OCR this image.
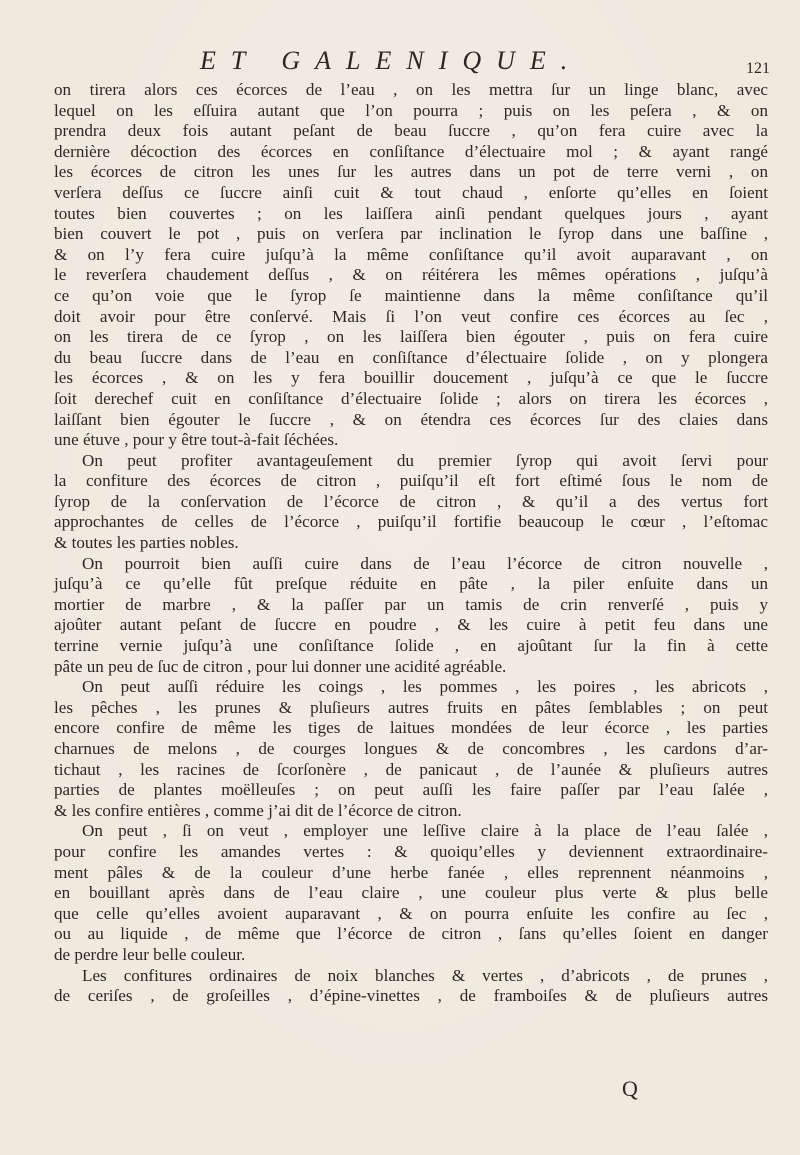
ET GALENIQUE.	121
on tirera alors ces écorces de l’eau , on les mettra ſur un linge blanc, avec
lequel on les eſſuira autant que l’on pourra ; puis on les peſera , & on
prendra deux fois autant peſant de beau ſuccre , qu’on fera cuire avec la
dernière décoction des écorces en conſiſtance d’électuaire mol ; & ayant rangé
les écorces de citron les unes ſur les autres dans un pot de terre verni , on
verſera deſſus ce ſuccre ainſi cuit & tout chaud , enſorte qu’elles en ſoient
toutes bien couvertes ; on les laiſſera ainſi pendant quelques jours , ayant
bien couvert le pot , puis on verſera par inclination le ſyrop dans une baſſine ,
& on l’y fera cuire juſqu’à la même conſiſtance qu’il avoit auparavant , on
le reverſera chaudement deſſus , & on réitérera les mêmes opérations , juſqu’à
ce qu’on voie que le ſyrop ſe maintienne dans la même conſiſtance qu’il
doit avoir pour être conſervé. Mais ſi l’on veut confire ces écorces au ſec ,
on les tirera de ce ſyrop , on les laiſſera bien égouter , puis on fera cuire
du beau ſuccre dans de l’eau en conſiſtance d’électuaire ſolide , on y plongera
les écorces , & on les y fera bouillir doucement , juſqu’à ce que le ſuccre
ſoit derechef cuit en conſiſtance d’électuaire ſolide ; alors on tirera les écorces ,
laiſſant bien égouter le ſuccre , & on étendra ces écorces ſur des claies dans
une étuve , pour y être tout-à-fait ſéchées.
On peut profiter avantageuſement du premier ſyrop qui avoit ſervi pour
la confiture des écorces de citron , puiſqu’il eſt fort eſtimé ſous le nom de
ſyrop de la conſervation de l’écorce de citron , & qu’il a des vertus fort
approchantes de celles de l’écorce , puiſqu’il fortifie beaucoup le cœur , l’eſtomac
& toutes les parties nobles.
On pourroit bien auſſi cuire dans de l’eau l’écorce de citron nouvelle ,
juſqu’à ce qu’elle fût preſque réduite en pâte , la piler enſuite dans un
mortier de marbre , & la paſſer par un tamis de crin renverſé , puis y
ajoûter autant peſant de ſuccre en poudre , & les cuire à petit feu dans une
terrine vernie juſqu’à une conſiſtance ſolide , en ajoûtant ſur la fin à cette
pâte un peu de ſuc de citron , pour lui donner une acidité agréable.
On peut auſſi réduire les coings , les pommes , les poires , les abricots ,
les pêches , les prunes & pluſieurs autres fruits en pâtes ſemblables ; on peut
encore confire de même les tiges de laitues mondées de leur écorce , les parties
charnues de melons , de courges longues & de concombres , les cardons d’ar-
tichaut , les racines de ſcorſonère , de panicaut , de l’aunée & pluſieurs autres
parties de plantes moëlleuſes ; on peut auſſi les faire paſſer par l’eau ſalée ,
& les confire entières , comme j’ai dit de l’écorce de citron.
On peut , ſi on veut , employer une leſſive claire à la place de l’eau ſalée ,
pour confire les amandes vertes : & quoiqu’elles y deviennent extraordinaire-
ment pâles & de la couleur d’une herbe fanée , elles reprennent néanmoins ,
en bouillant après dans de l’eau claire , une couleur plus verte & plus belle
que celle qu’elles avoient auparavant , & on pourra enſuite les confire au ſec ,
ou au liquide , de même que l’écorce de citron , ſans qu’elles ſoient en danger
de perdre leur belle couleur.
Les confitures ordinaires de noix blanches & vertes , d’abricots , de prunes ,
de ceriſes , de groſeilles , d’épine-vinettes , de framboiſes & de pluſieurs autres
Q
